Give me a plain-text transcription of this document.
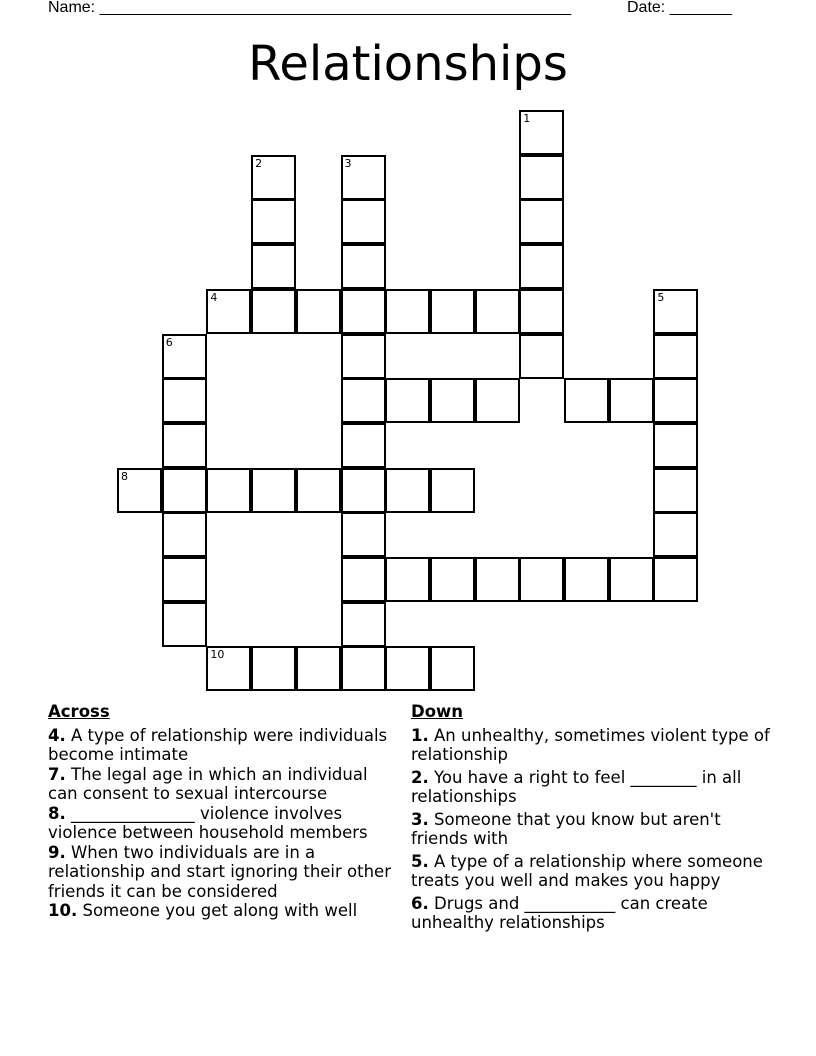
Name: _____________________________________________________	Date: _______
Relationships
1
2	3
4	5
6
8
10
Across
4. A type of relationship were individuals become intimate
7. The legal age in which an individual can consent to sexual intercourse
8. _______________ violence involves violence between household members
9. When two individuals are in a relationship and start ignoring their other friends it can be considered
10. Someone you get along with well
Down
1. An unhealthy, sometimes violent type of relationship
2. You have a right to feel ________ in all relationships
3. Someone that you know but aren't friends with
5. A type of a relationship where someone treats you well and makes you happy
6. Drugs and ___________ can create unhealthy relationships
